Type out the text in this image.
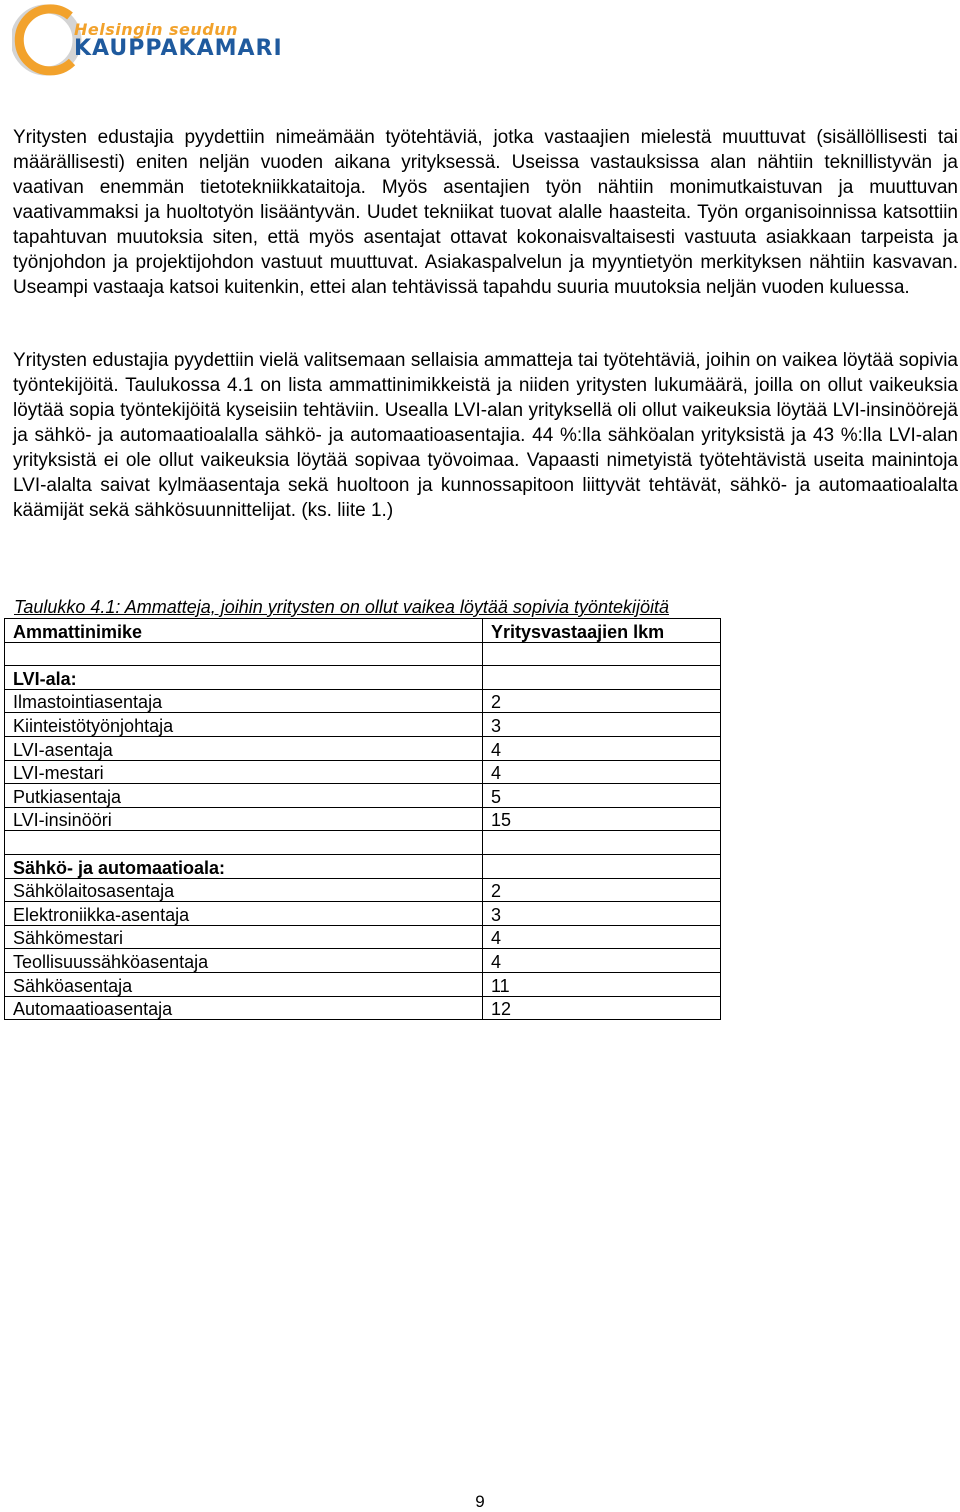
Helsingin seudun
KAUPPAKAMARI

Yritysten edustajia pyydettiin nimeämään työtehtäviä, jotka vastaajien mielestä muuttuvat (sisällöllisesti tai määrällisesti) eniten neljän vuoden aikana yrityksessä. Useissa vastauksissa alan nähtiin teknillistyvän ja vaativan enemmän tietotekniikkataitoja. Myös asentajien työn nähtiin monimutkaistuvan ja muuttuvan vaativammaksi ja huoltotyön lisääntyvän. Uudet tekniikat tuovat alalle haasteita. Työn organisoinnissa katsottiin tapahtuvan muutoksia siten, että myös asentajat ottavat kokonaisvaltaisesti vastuuta asiakkaan tarpeista ja työnjohdon ja projektijohdon vastuut muuttuvat. Asiakaspalvelun ja myyntietyön merkityksen nähtiin kasvavan. Useampi vastaaja katsoi kuitenkin, ettei alan tehtävissä tapahdu suuria muutoksia neljän vuoden kuluessa.

Yritysten edustajia pyydettiin vielä valitsemaan sellaisia ammatteja tai työtehtäviä, joihin on vaikea löytää sopivia työntekijöitä. Taulukossa 4.1 on lista ammattinimikkeistä ja niiden yritysten lukumäärä, joilla on ollut vaikeuksia löytää sopia työntekijöitä kyseisiin tehtäviin. Usealla LVI-alan yrityksellä oli ollut vaikeuksia löytää LVI-insinöörejä ja sähkö- ja automaatioalalla sähkö- ja automaatioasentajia. 44 %:lla sähköalan yrityksistä ja 43 %:lla LVI-alan yrityksistä ei ole ollut vaikeuksia löytää sopivaa työvoimaa. Vapaasti nimetyistä työtehtävistä useita mainintoja LVI-alalta saivat kylmäasentaja sekä huoltoon ja kunnossapitoon liittyvät tehtävät, sähkö- ja automaatioalalta käämijät sekä sähkösuunnittelijat. (ks. liite 1.)

Taulukko 4.1: Ammatteja, joihin yritysten on ollut vaikea löytää sopivia työntekijöitä
Ammattinimike	Yritysvastaajien lkm

LVI-ala:	
Ilmastointiasentaja	2
Kiinteistötyönjohtaja	3
LVI-asentaja	4
LVI-mestari	4
Putkiasentaja	5
LVI-insinööri	15

Sähkö- ja automaatioala:	
Sähkölaitosasentaja	2
Elektroniikka-asentaja	3
Sähkömestari	4
Teollisuussähköasentaja	4
Sähköasentaja	11
Automaatioasentaja	12
9
